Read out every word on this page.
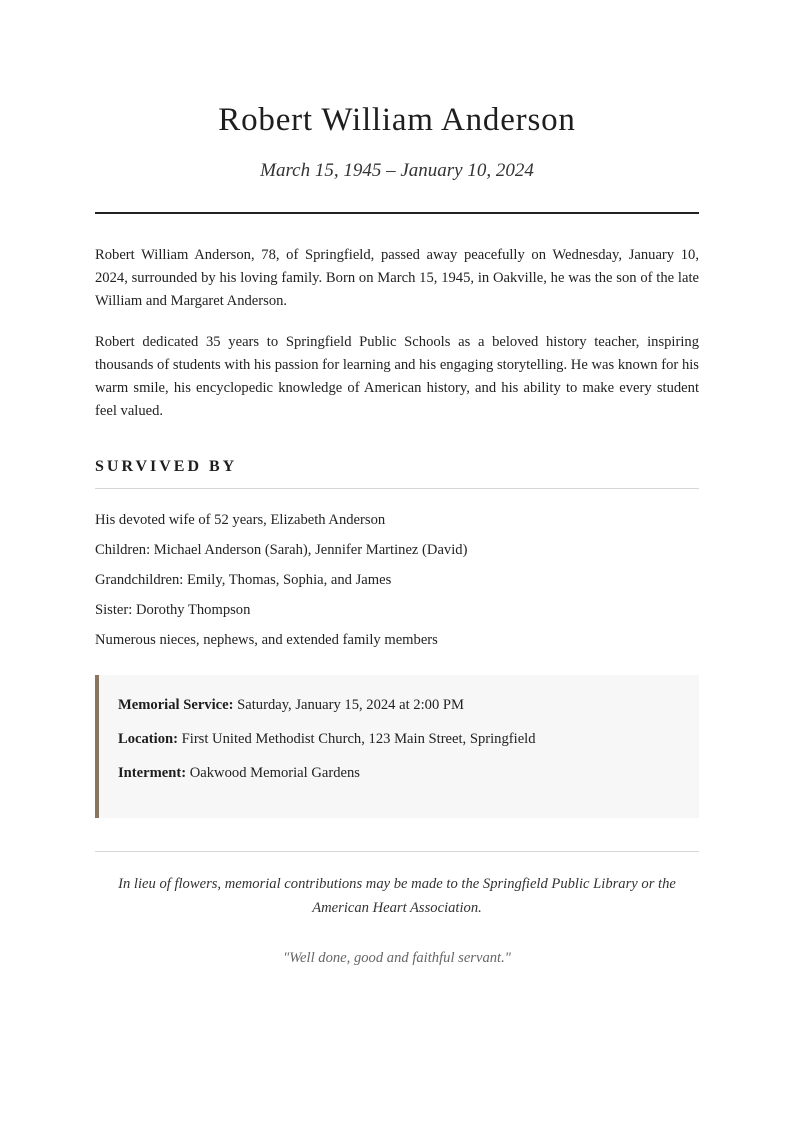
Robert William Anderson

March 15, 1945 – January 10, 2024

Robert William Anderson, 78, of Springfield, passed away peacefully on Wednesday, January 10, 2024, surrounded by his loving family. Born on March 15, 1945, in Oakville, he was the son of the late William and Margaret Anderson.

Robert dedicated 35 years to Springfield Public Schools as a beloved history teacher, inspiring thousands of students with his passion for learning and his engaging storytelling. He was known for his warm smile, his encyclopedic knowledge of American history, and his ability to make every student feel valued.

SURVIVED BY
His devoted wife of 52 years, Elizabeth Anderson
Children: Michael Anderson (Sarah), Jennifer Martinez (David)
Grandchildren: Emily, Thomas, Sophia, and James
Sister: Dorothy Thompson
Numerous nieces, nephews, and extended family members

Memorial Service: Saturday, January 15, 2024 at 2:00 PM

Location: First United Methodist Church, 123 Main Street, Springfield

Interment: Oakwood Memorial Gardens

In lieu of flowers, memorial contributions may be made to the Springfield Public Library or the American Heart Association.

"Well done, good and faithful servant."
